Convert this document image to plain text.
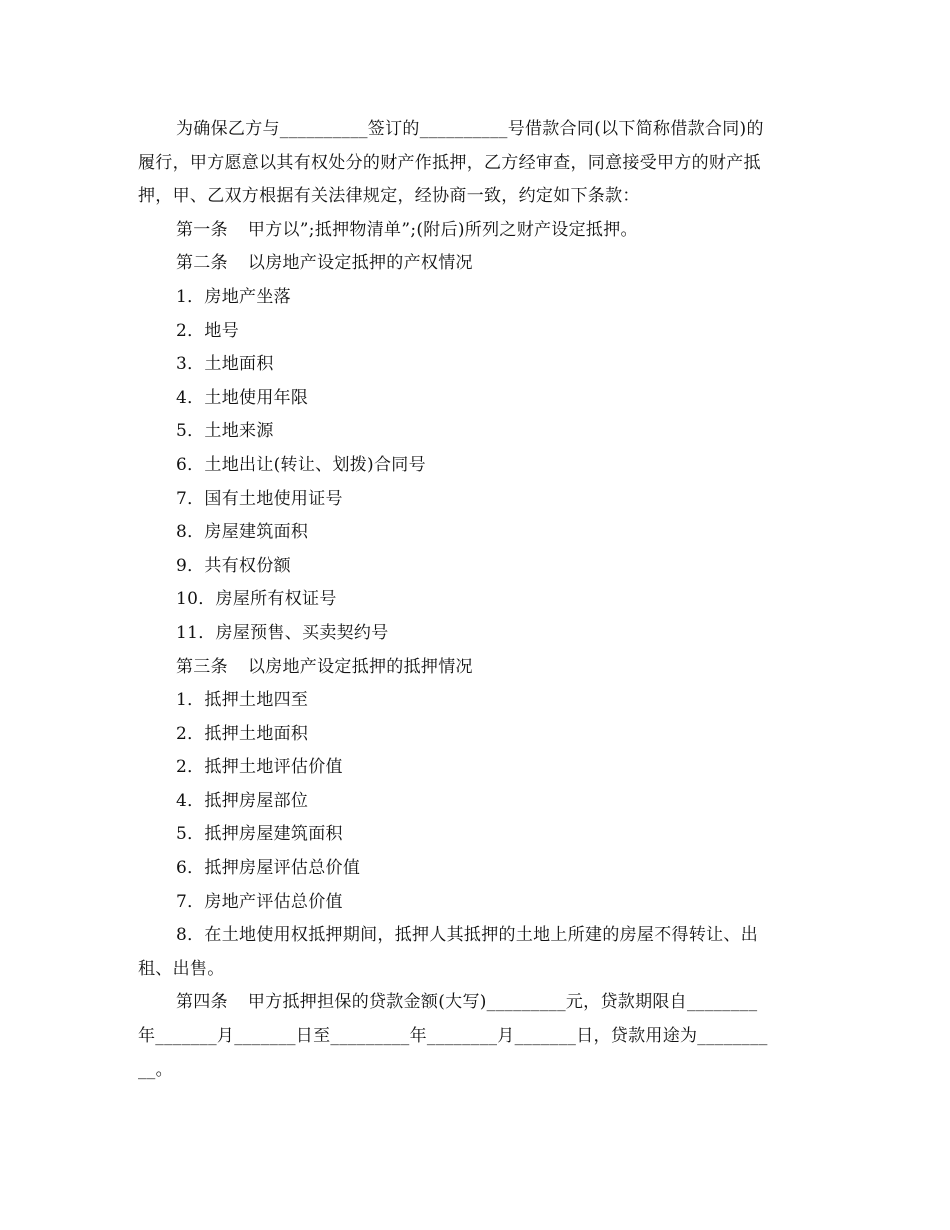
为确保乙方与__________签订的__________号借款合同(以下简称借款合同)的
履行，甲方愿意以其有权处分的财产作抵押，乙方经审查，同意接受甲方的财产抵
押，甲、乙双方根据有关法律规定，经协商一致，约定如下条款：
第一条 甲方以”;抵押物清单”;(附后)所列之财产设定抵押。
第二条 以房地产设定抵押的产权情况
1．房地产坐落
2．地号
3．土地面积
4．土地使用年限
5．土地来源
6．土地出让(转让、划拨)合同号
7．国有土地使用证号
8．房屋建筑面积
9．共有权份额
10．房屋所有权证号
11．房屋预售、买卖契约号
第三条 以房地产设定抵押的抵押情况
1．抵押土地四至
2．抵押土地面积
2．抵押土地评估价值
4．抵押房屋部位
5．抵押房屋建筑面积
6．抵押房屋评估总价值
7．房地产评估总价值
8．在土地使用权抵押期间，抵押人其抵押的土地上所建的房屋不得转让、出
租、出售。
第四条 甲方抵押担保的贷款金额(大写)_________元，贷款期限自________
年_______月_______日至_________年________月_______日，贷款用途为________
__。
